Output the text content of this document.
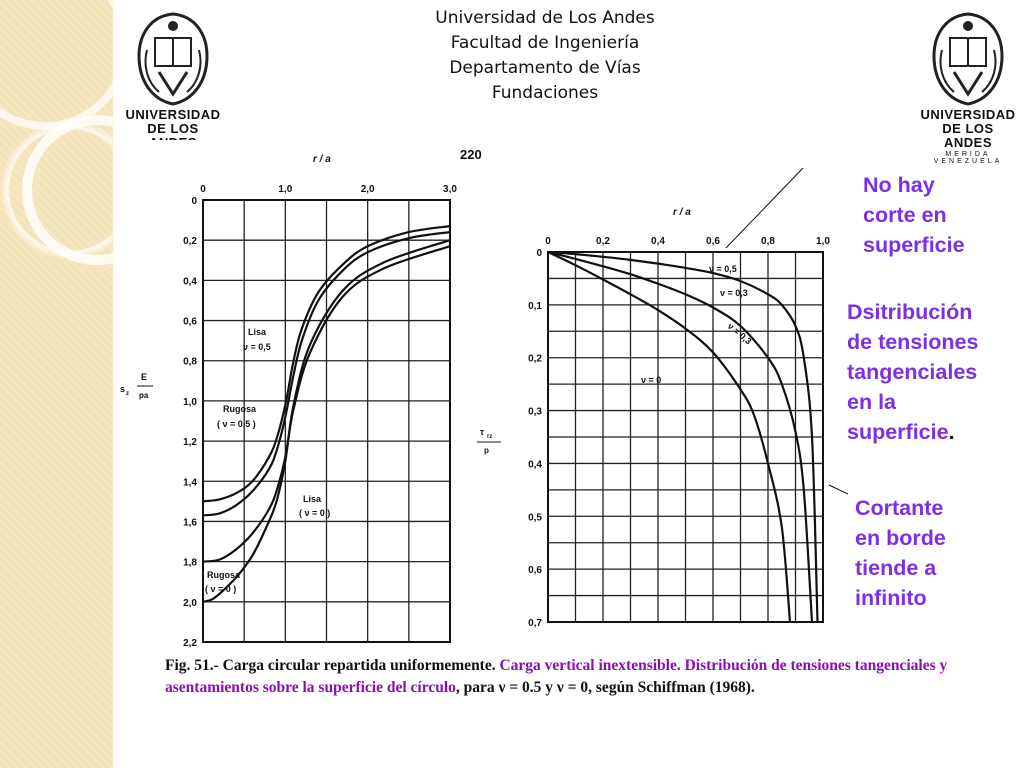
UNIVERSIDAD
DE LOS
UNIVERSIDAD
DE LOS ANDES
MERIDA VENEZUELA
Universidad de Los Andes
Facultad de Ingeniería
Departamento de Vías
Fundaciones
220
r / a
0	1,0	2,0	3,0
0
0,2
0,4
0,6
0,8
1,0
1,2
1,4
1,6
1,8
2,0
2,2
s z
E
pa
Lisa
ν = 0,5
Rugosa
( ν = 0,5 )
Lisa
( ν = 0 )
Rugosa
( ν = 0 )
r / a
0	0,2	0,4	0,6	0,8	1,0
0
0,1
0,2
0,3
0,4
0,5
0,6
0,7
τ rz
p
ν = 0,5
ν = 0,3
ν = 0,3
ν = 0
No hay
corte en
superficie
Dsitribución
de tensiones
tangenciales
en la
superficie.
Cortante
en borde
tiende a
infinito
Fig. 51.- Carga circular repartida uniformemente. Carga vertical inextensible. Distribución de tensiones tangenciales y asentamientos sobre la superficie del círculo, para ν = 0.5 y ν = 0, según Schiffman (1968).
